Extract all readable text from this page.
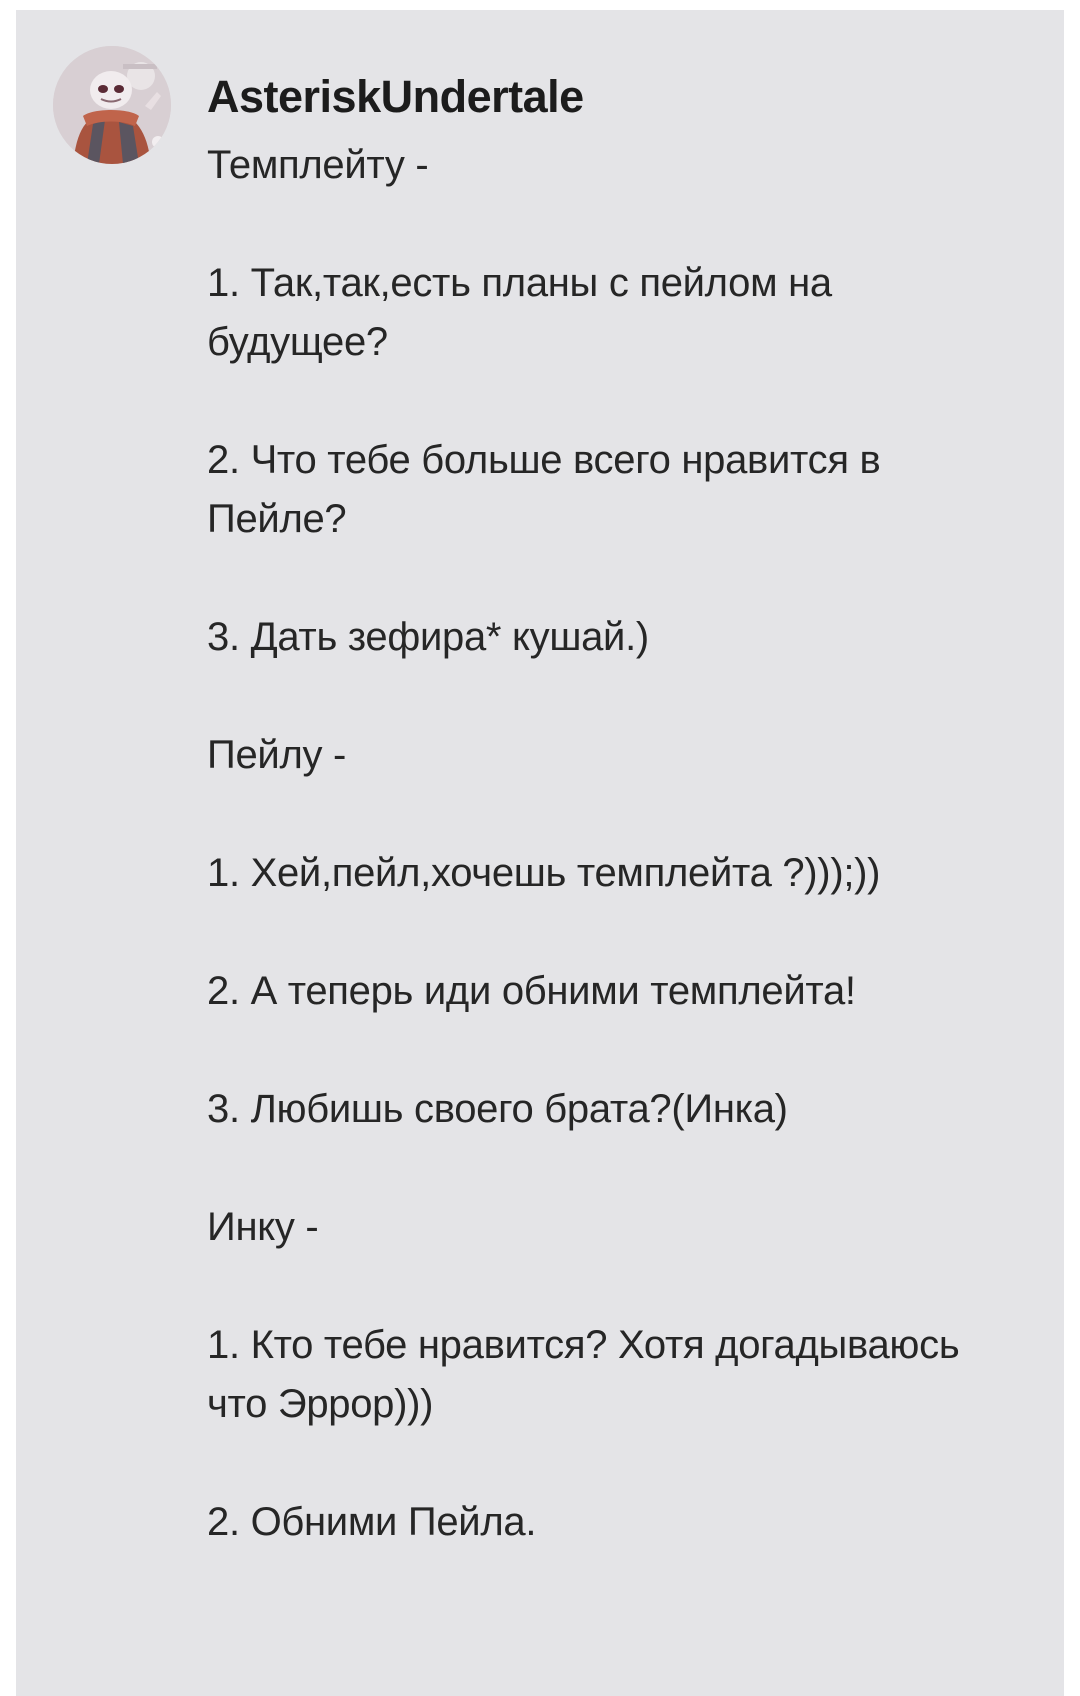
AsteriskUndertale

Темплейту -

1. Так,так,есть планы с пейлом на

будущее?

2. Что тебе больше всего нравится в

Пейле?

3. Дать зефира* кушай.)

Пейлу -

1. Хей,пейл,хочешь темплейта ?)));))

2. А теперь иди обними темплейта!

3. Любишь своего брата?(Инка)

Инку -

1. Кто тебе нравится? Хотя догадываюсь

что Эррор)))

2. Обними Пейла.
